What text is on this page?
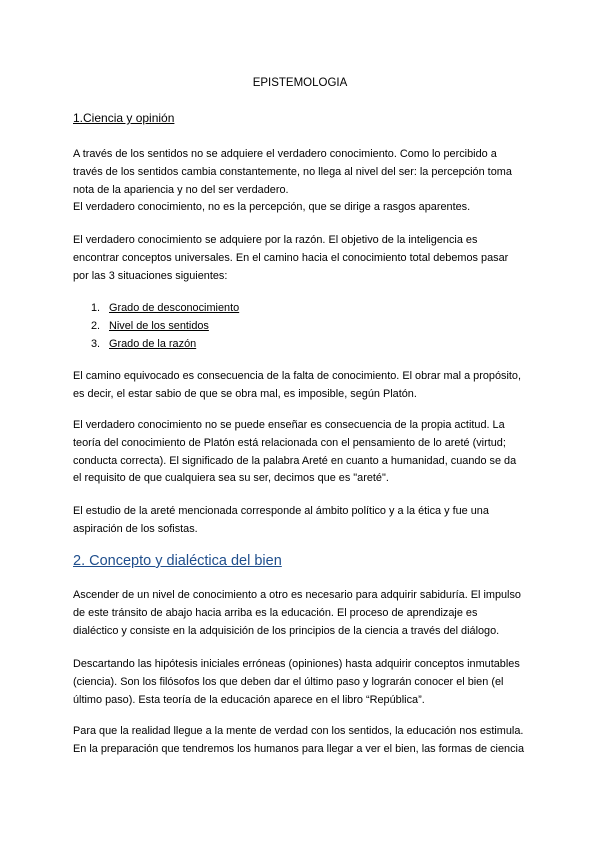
EPISTEMOLOGIA
1.Ciencia y opinión

A través de los sentidos no se adquiere el verdadero conocimiento. Como lo percibido a
través de los sentidos cambia constantemente, no llega al nivel del ser: la percepción toma
nota de la apariencia y no del ser verdadero.
El verdadero conocimiento, no es la percepción, que se dirige a rasgos aparentes.

El verdadero conocimiento se adquiere por la razón. El objetivo de la inteligencia es
encontrar conceptos universales. En el camino hacia el conocimiento total debemos pasar
por las 3 situaciones siguientes:

1. Grado de desconocimiento
2. Nivel de los sentidos
3. Grado de la razón

El camino equivocado es consecuencia de la falta de conocimiento. El obrar mal a propósito,
es decir, el estar sabio de que se obra mal, es imposible, según Platón.

El verdadero conocimiento no se puede enseñar es consecuencia de la propia actitud. La
teoría del conocimiento de Platón está relacionada con el pensamiento de lo areté (virtud;
conducta correcta). El significado de la palabra Areté en cuanto a humanidad, cuando se da
el requisito de que cualquiera sea su ser, decimos que es "areté".

El estudio de la areté mencionada corresponde al ámbito político y a la ética y fue una
aspiración de los sofistas.

2. Concepto y dialéctica del bien

Ascender de un nivel de conocimiento a otro es necesario para adquirir sabiduría. El impulso
de este tránsito de abajo hacia arriba es la educación. El proceso de aprendizaje es
dialéctico y consiste en la adquisición de los principios de la ciencia a través del diálogo.

Descartando las hipótesis iniciales erróneas (opiniones) hasta adquirir conceptos inmutables
(ciencia). Son los filósofos los que deben dar el último paso y lograrán conocer el bien (el
último paso). Esta teoría de la educación aparece en el libro “República”.

Para que la realidad llegue a la mente de verdad con los sentidos, la educación nos estimula.
En la preparación que tendremos los humanos para llegar a ver el bien, las formas de ciencia
